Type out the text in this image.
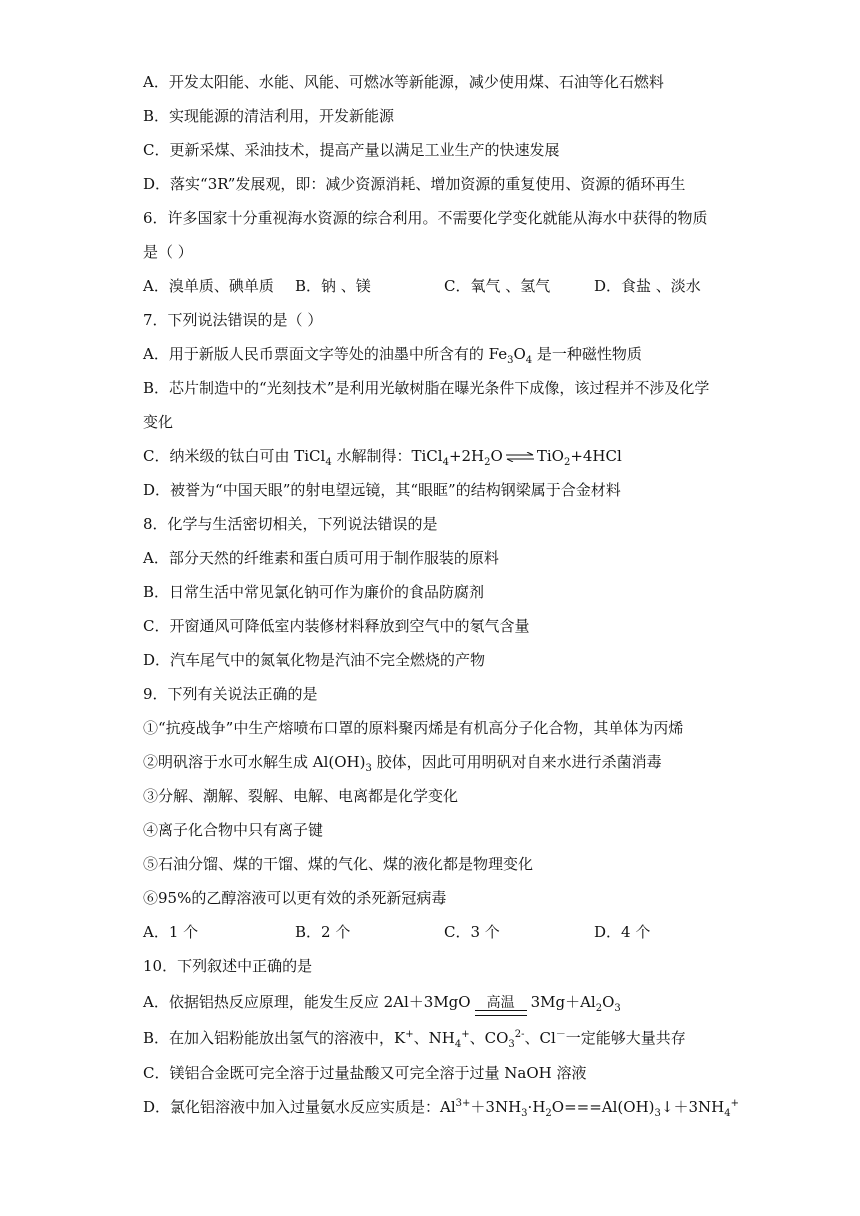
A．开发太阳能、水能、风能、可燃冰等新能源，减少使用煤、石油等化石燃料
B．实现能源的清洁利用，开发新能源
C．更新采煤、采油技术，提高产量以满足工业生产的快速发展
D．落实“3R”发展观，即：减少资源消耗、增加资源的重复使用、资源的循环再生
6．许多国家十分重视海水资源的综合利用。不需要化学变化就能从海水中获得的物质
是（ ）
A．溴单质、碘单质 B．钠 、镁	C．氧气 、氢气	D．食盐 、淡水
7．下列说法错误的是（ ）
A．用于新版人民币票面文字等处的油墨中所含有的 $Fe_3O_4$ 是一种磁性物质
B．芯片制造中的“光刻技术”是利用光敏树脂在曝光条件下成像，该过程并不涉及化学
变化
C．纳米级的钛白可由 TiCl$_4$ 水解制得：$TiCl_4+2H_2O$ ⇌ TiO$_2$+4HCl
D．被誉为“中国天眼”的射电望远镜，其“眼眶”的结构钢梁属于合金材料
8．化学与生活密切相关，下列说法错误的是
A．部分天然的纤维素和蛋白质可用于制作服装的原料
B．日常生活中常见氯化钠可作为廉价的食品防腐剂
C．开窗通风可降低室内装修材料释放到空气中的氡气含量
D．汽车尾气中的氮氧化物是汽油不完全燃烧的产物
9．下列有关说法正确的是
①“抗疫战争”中生产熔喷布口罩的原料聚丙烯是有机高分子化合物，其单体为丙烯
②明矾溶于水可水解生成 $Al(OH)_3$ 胶体，因此可用明矾对自来水进行杀菌消毒
③分解、潮解、裂解、电解、电离都是化学变化
④离子化合物中只有离子键
⑤石油分馏、煤的干馏、煤的气化、煤的液化都是物理变化
⑥95%的乙醇溶液可以更有效的杀死新冠病毒
A．1 个	B．2 个	C．3 个	D．4 个
10．下列叙述中正确的是
A．依据铝热反应原理，能发生反应 2Al＋3MgO 高温 $3Mg+Al_2O_3$
B．在加入铝粉能放出氢气的溶液中，K+、$NH_4^+$、$CO_3^{2-}$、Cl－一定能够大量共存
C．镁铝合金既可完全溶于过量盐酸又可完全溶于过量 NaOH 溶液
D．氯化铝溶液中加入过量氨水反应实质是：$Al^{3+}+3NH_3\cdot H_2O===Al(OH)_3↓+3NH_4^+$
